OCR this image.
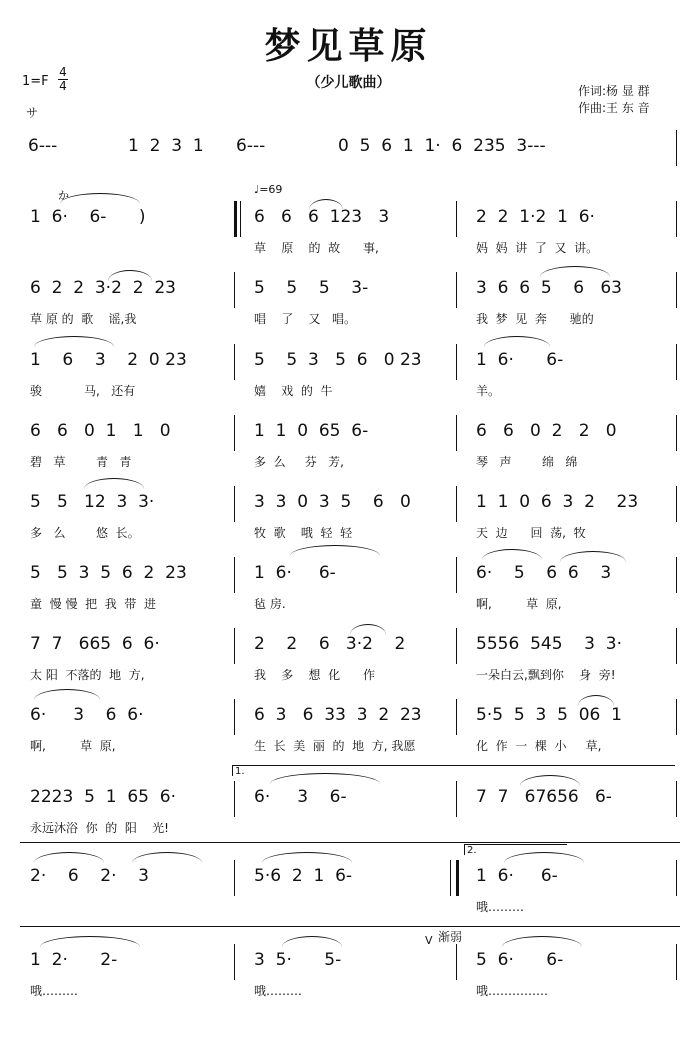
梦见草原
（少儿歌曲）
1=F
4
4	作词:杨 显 群
作曲:王 东 音
サ
6---	1  2  3  1 6---	0  5  6  1  1·  6  235  3---
♩=69
か
1  6·    6-      )	6   6   6  123   3	2  2  1·2  1  6·
草    原    的  故      事,	妈  妈  讲  了  又  讲。
6  2  2  3·2  2  23	5    5    5    3-	3  6  6  5    6   63
草 原 的  歌    谣,我	唱    了    又   唱。	我  梦  见  奔      驰的
1    6    3    2  0 23	5    5  3   5  6   0 23	1  6·      6-
骏           马,   还有	嬉    戏  的  牛	羊。
6   6   0  1   1   0	1  1  0  65  6-	6   6   0  2   2   0
碧   草        青   青	多  么     芬   芳,	琴   声        绵   绵
5   5   12  3  3·	3  3  0  3  5    6   0	1  1  0  6  3  2    23
多   么        悠  长。	牧  歌    哦  轻  轻	天  边      回  荡,  牧
5   5  3  5  6  2  23	1  6·     6-	6·    5    6  6    3
童  慢 慢  把  我  带  进	毡 房.	啊,         草  原,
7  7   665  6  6·	2    2    6   3·2    2	5556  545    3  3·
太 阳  不落的  地  方,	我    多    想  化      作	一朵白云,飘到你    身  旁!
6·     3    6  6·	6  3   6  33  3  2  23	5·5  5  3  5  06  1
啊,         草  原,	生  长  美  丽  的  地  方, 我愿	化  作  一  棵  小     草,
1.
2223  5  1  65  6·	6·     3    6-	7  7   67656   6-
永远沐浴  你  的  阳    光!
2.
2·    6    2·    3	5·6  2  1  6-	1  6·     6-
哦………
V 渐弱
1  2·      2-	3  5·      5-	5  6·      6-
哦………	哦………	哦……………
